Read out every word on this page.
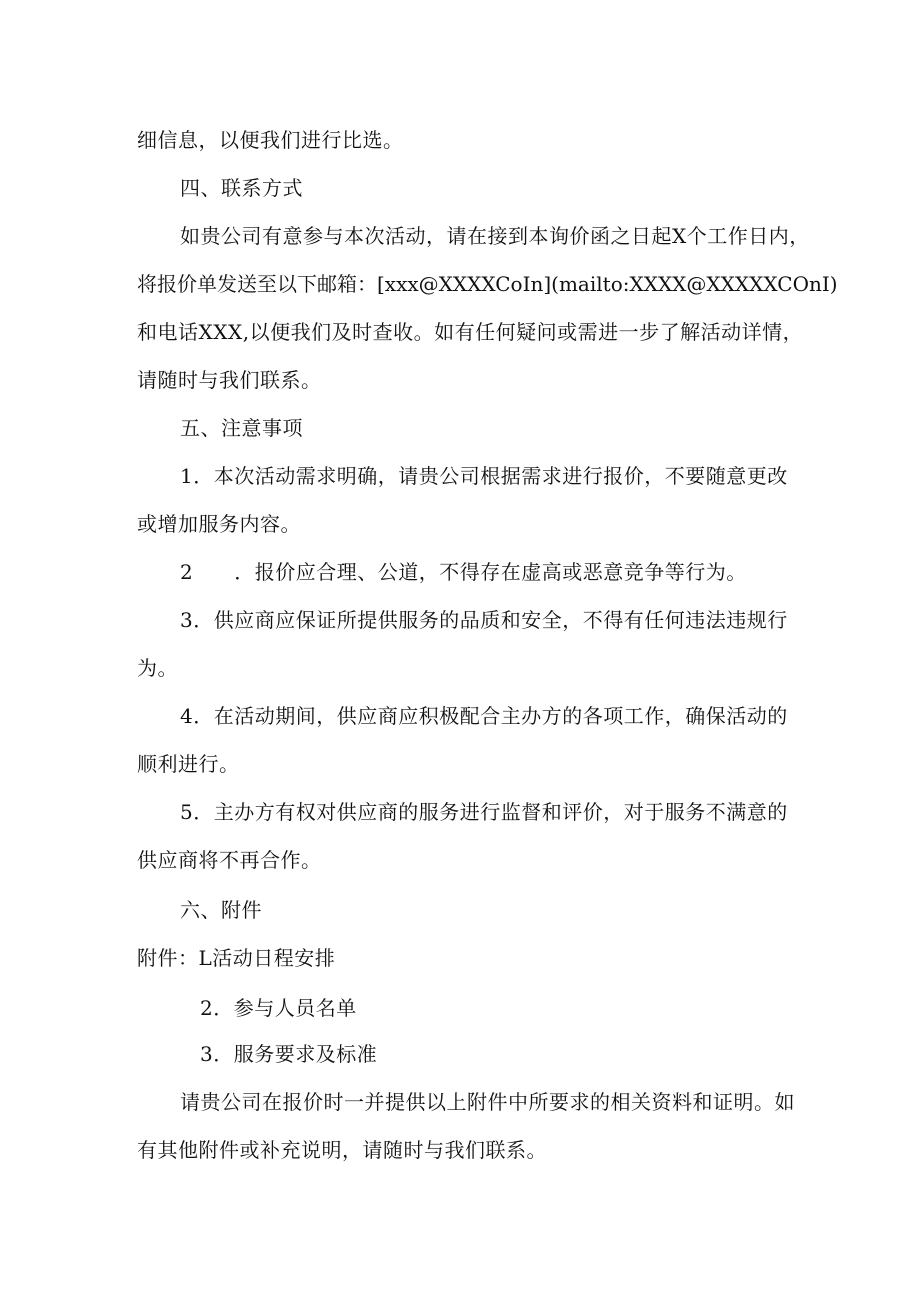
细信息，以便我们进行比选。
四、联系方式
如贵公司有意参与本次活动，请在接到本询价函之日起X个工作日内，
将报价单发送至以下邮箱：[xxx@XXXXCoIn](mailto:XXXX@XXXXXCOnI)
和电话XXX,以便我们及时查收。如有任何疑问或需进一步了解活动详情，
请随时与我们联系。
五、注意事项
1．本次活动需求明确，请贵公司根据需求进行报价，不要随意更改
或增加服务内容。
2　　．报价应合理、公道，不得存在虚高或恶意竞争等行为。
3．供应商应保证所提供服务的品质和安全，不得有任何违法违规行
为。
4．在活动期间，供应商应积极配合主办方的各项工作，确保活动的
顺利进行。
5．主办方有权对供应商的服务进行监督和评价，对于服务不满意的
供应商将不再合作。
六、附件
附件：L活动日程安排
2．参与人员名单
3．服务要求及标准
请贵公司在报价时一并提供以上附件中所要求的相关资料和证明。如
有其他附件或补充说明，请随时与我们联系。
